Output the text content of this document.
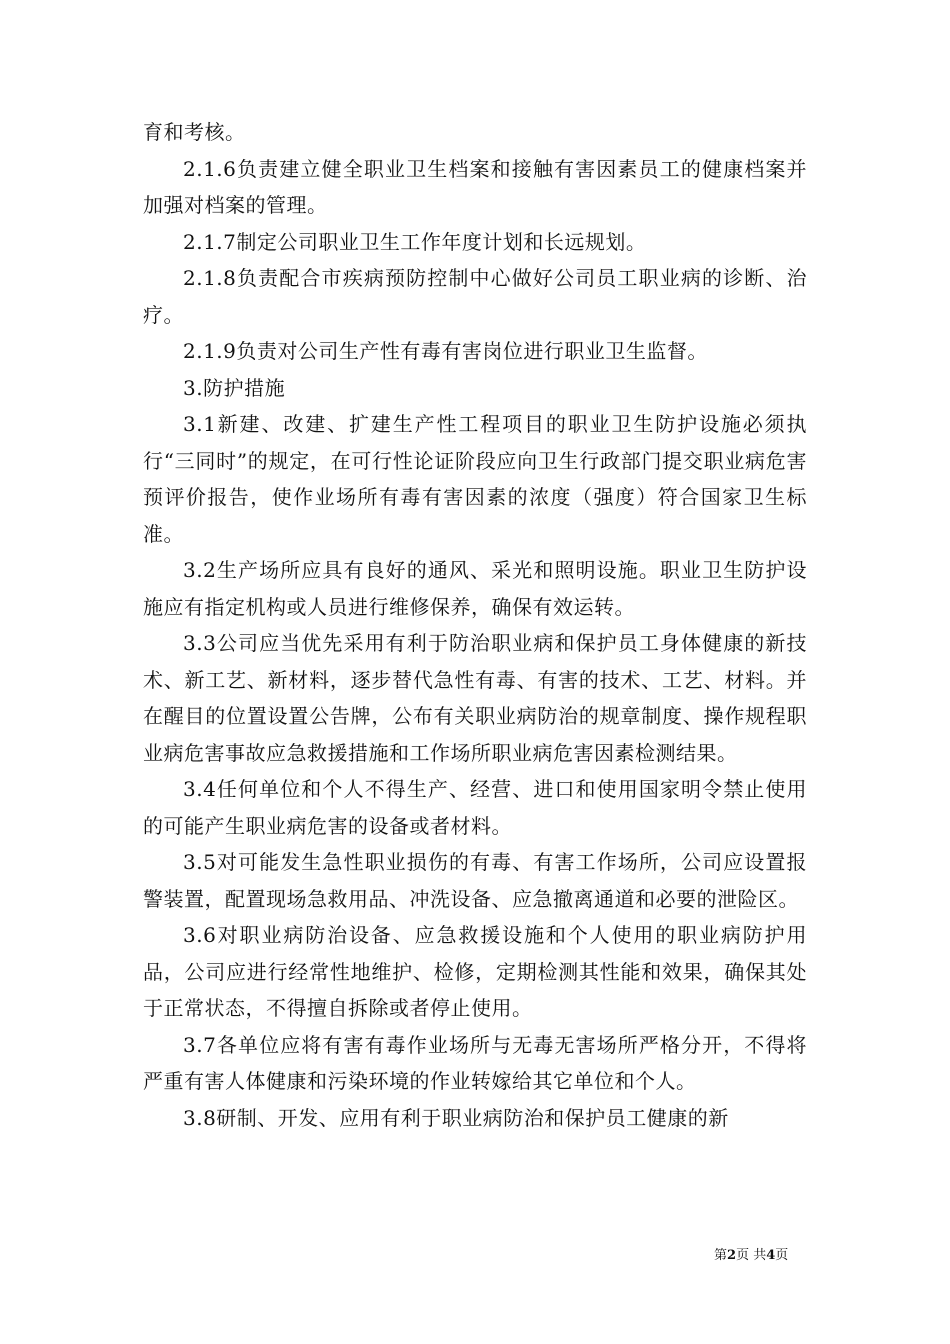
育和考核。

2.1.6负责建立健全职业卫生档案和接触有害因素员工的健康档案并加强对档案的管理。

2.1.7制定公司职业卫生工作年度计划和长远规划。

2.1.8负责配合市疾病预防控制中心做好公司员工职业病的诊断、治疗。

2.1.9负责对公司生产性有毒有害岗位进行职业卫生监督。

3.防护措施

3.1新建、改建、扩建生产性工程项目的职业卫生防护设施必须执行“三同时”的规定，在可行性论证阶段应向卫生行政部门提交职业病危害预评价报告，使作业场所有毒有害因素的浓度（强度）符合国家卫生标准。

3.2生产场所应具有良好的通风、采光和照明设施。职业卫生防护设施应有指定机构或人员进行维修保养，确保有效运转。

3.3公司应当优先采用有利于防治职业病和保护员工身体健康的新技术、新工艺、新材料，逐步替代急性有毒、有害的技术、工艺、材料。并在醒目的位置设置公告牌，公布有关职业病防治的规章制度、操作规程职业病危害事故应急救援措施和工作场所职业病危害因素检测结果。

3.4任何单位和个人不得生产、经营、进口和使用国家明令禁止使用的可能产生职业病危害的设备或者材料。

3.5对可能发生急性职业损伤的有毒、有害工作场所，公司应设置报警装置，配置现场急救用品、冲洗设备、应急撤离通道和必要的泄险区。

3.6对职业病防治设备、应急救援设施和个人使用的职业病防护用品，公司应进行经常性地维护、检修，定期检测其性能和效果，确保其处于正常状态，不得擅自拆除或者停止使用。

3.7各单位应将有害有毒作业场所与无毒无害场所严格分开，不得将严重有害人体健康和污染环境的作业转嫁给其它单位和个人。

3.8研制、开发、应用有利于职业病防治和保护员工健康的新

第2页 共4页
